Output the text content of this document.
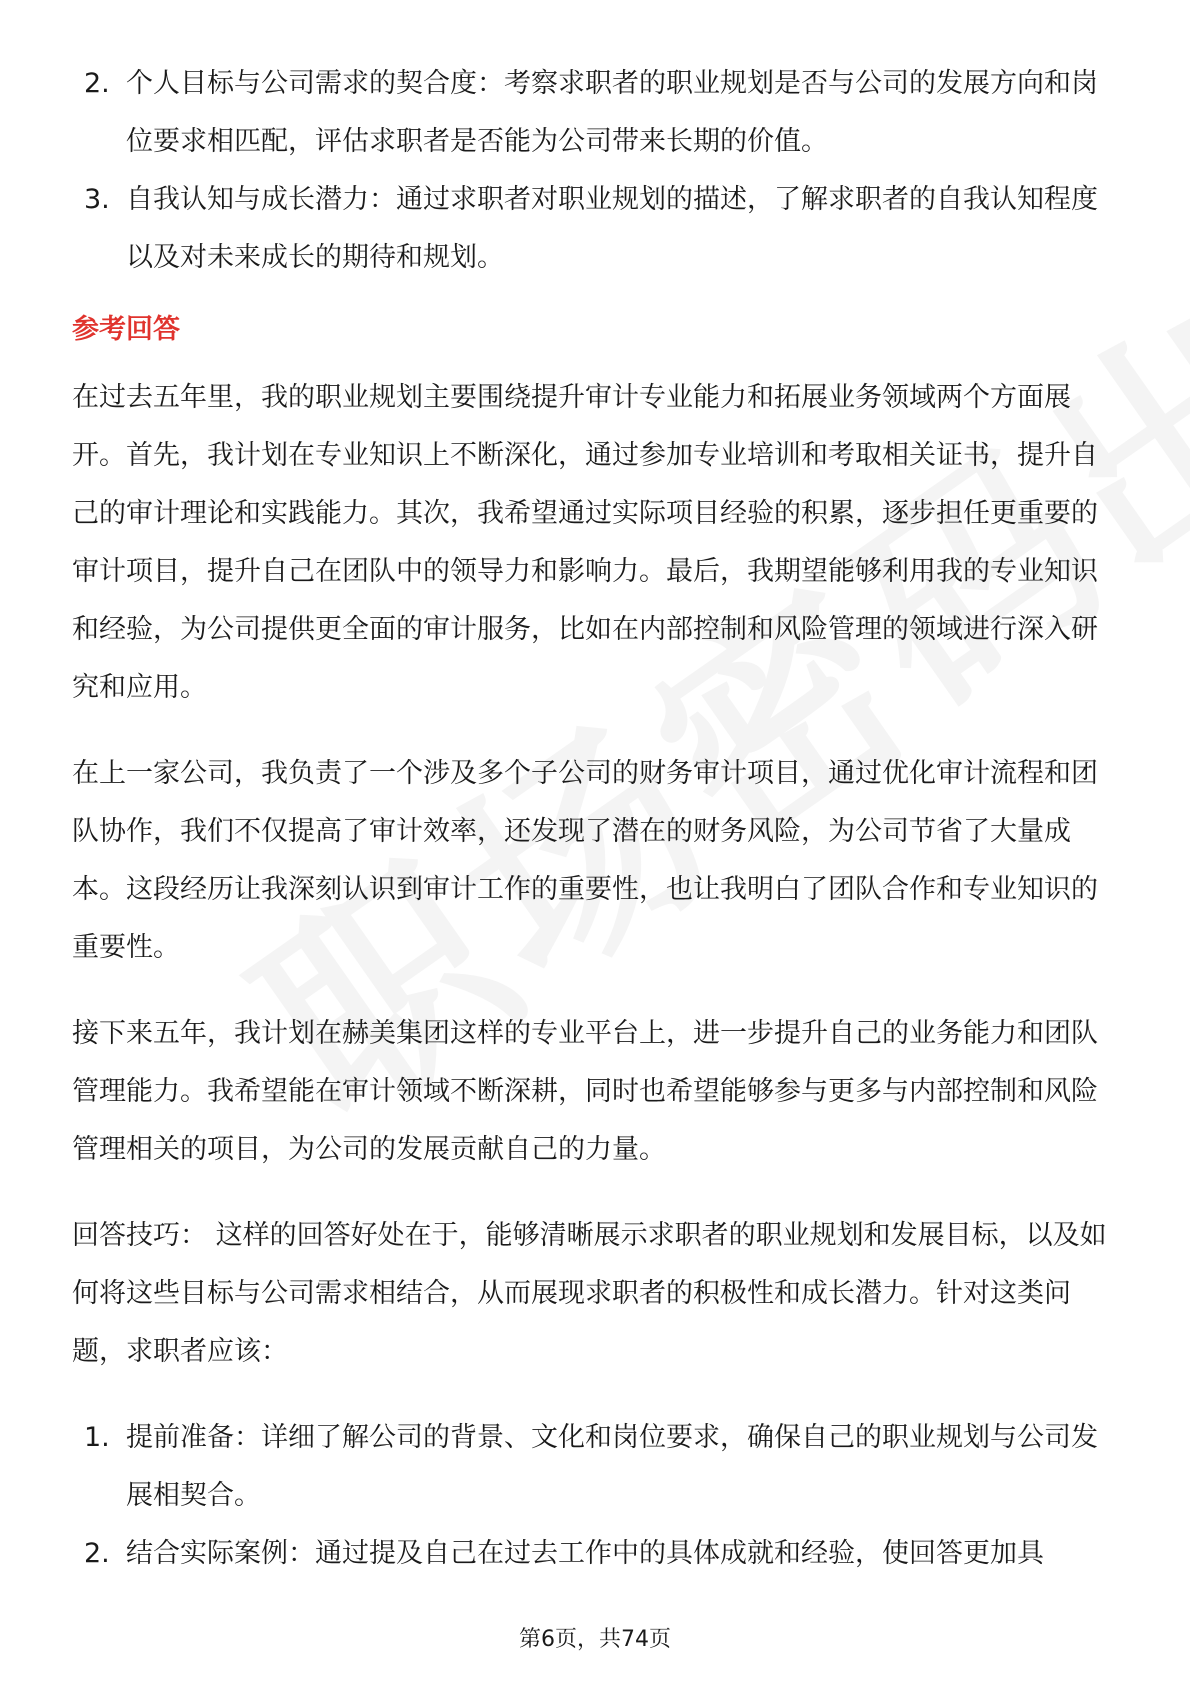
2. 个人目标与公司需求的契合度：考察求职者的职业规划是否与公司的发展方向和岗位要求相匹配，评估求职者是否能为公司带来长期的价值。
3. 自我认知与成长潜力：通过求职者对职业规划的描述，了解求职者的自我认知程度以及对未来成长的期待和规划。
参考回答

在过去五年里，我的职业规划主要围绕提升审计专业能力和拓展业务领域两个方面展开。首先，我计划在专业知识上不断深化，通过参加专业培训和考取相关证书，提升自己的审计理论和实践能力。其次，我希望通过实际项目经验的积累，逐步担任更重要的审计项目，提升自己在团队中的领导力和影响力。最后，我期望能够利用我的专业知识和经验，为公司提供更全面的审计服务，比如在内部控制和风险管理的领域进行深入研究和应用。

在上一家公司，我负责了一个涉及多个子公司的财务审计项目，通过优化审计流程和团队协作，我们不仅提高了审计效率，还发现了潜在的财务风险，为公司节省了大量成本。这段经历让我深刻认识到审计工作的重要性，也让我明白了团队合作和专业知识的重要性。

接下来五年，我计划在赫美集团这样的专业平台上，进一步提升自己的业务能力和团队管理能力。我希望能在审计领域不断深耕，同时也希望能够参与更多与内部控制和风险管理相关的项目，为公司的发展贡献自己的力量。

回答技巧： 这样的回答好处在于，能够清晰展示求职者的职业规划和发展目标，以及如何将这些目标与公司需求相结合，从而展现求职者的积极性和成长潜力。针对这类问题，求职者应该：

1. 提前准备：详细了解公司的背景、文化和岗位要求，确保自己的职业规划与公司发展相契合。
2. 结合实际案例：通过提及自己在过去工作中的具体成就和经验，使回答更加具
第6页，共74页
